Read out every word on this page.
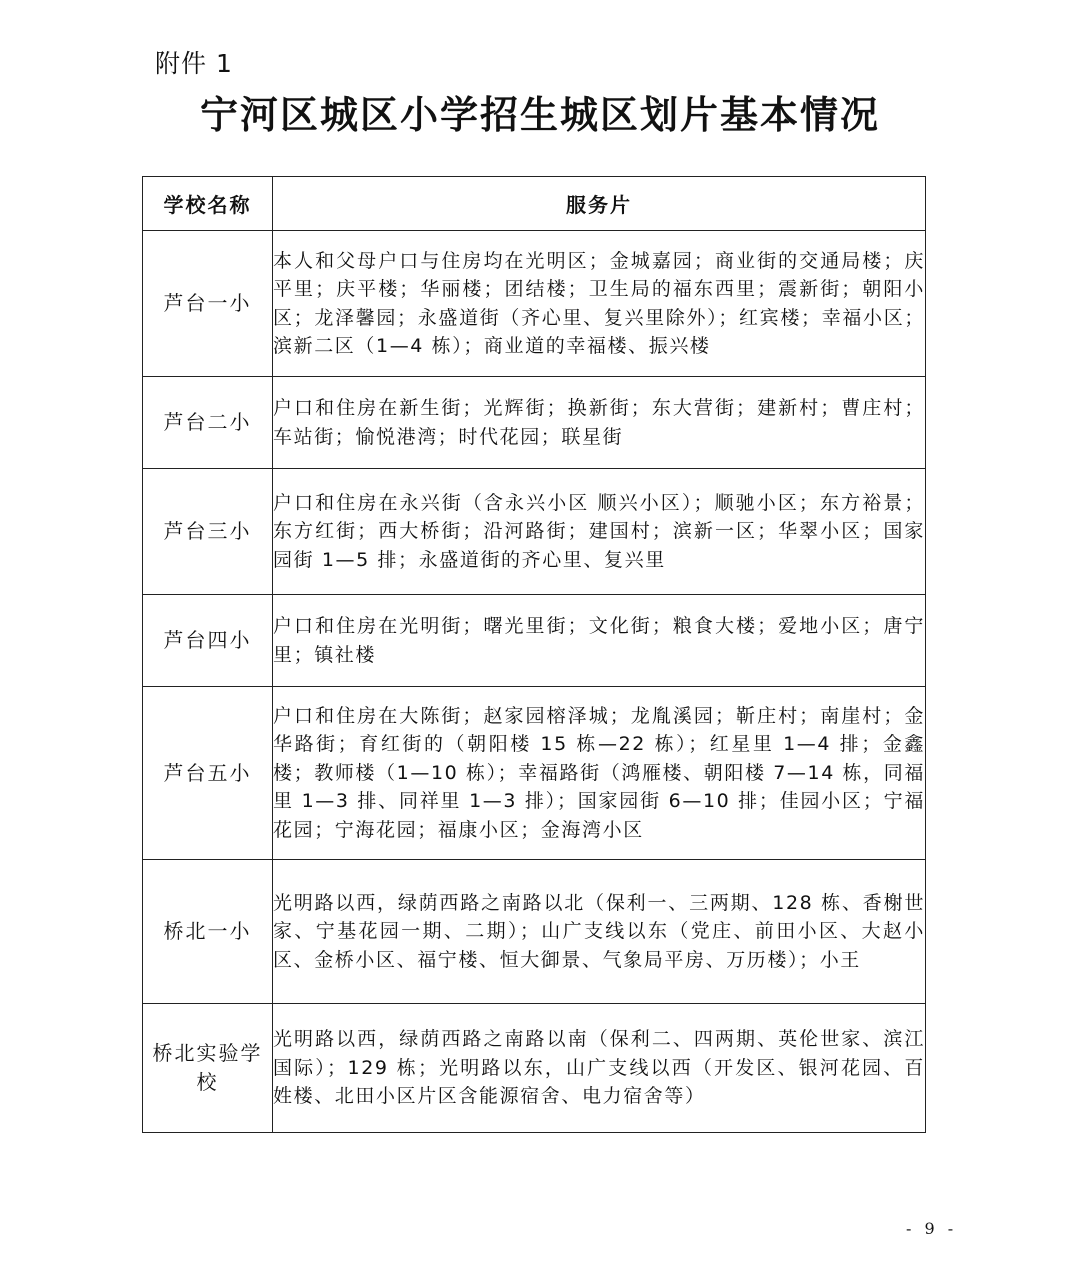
附件 1
宁河区城区小学招生城区划片基本情况
学校名称	服务片
芦台一小	本人和父母户口与住房均在光明区；金城嘉园；商业街的交通局楼；庆平里；庆平楼；华丽楼；团结楼；卫生局的福东西里；震新街；朝阳小区；龙泽馨园；永盛道街（齐心里、复兴里除外）；红宾楼；幸福小区；滨新二区（1—4 栋）；商业道的幸福楼、振兴楼
芦台二小	户口和住房在新生街；光辉街；换新街；东大营街；建新村；曹庄村；车站街；愉悦港湾；时代花园；联星街
芦台三小	户口和住房在永兴街（含永兴小区 顺兴小区）；顺驰小区；东方裕景；东方红街；西大桥街；沿河路街；建国村；滨新一区；华翠小区；国家园街 1—5 排；永盛道街的齐心里、复兴里
芦台四小	户口和住房在光明街；曙光里街；文化街；粮食大楼；爱地小区；唐宁里；镇社楼
芦台五小	户口和住房在大陈街；赵家园榕泽城；龙胤溪园；靳庄村；南崖村；金华路街；育红街的（朝阳楼 15 栋—22 栋）；红星里 1—4 排；金鑫楼；教师楼（1—10 栋）；幸福路街（鸿雁楼、朝阳楼 7—14 栋，同福里 1—3 排、同祥里 1—3 排）；国家园街 6—10 排；佳园小区；宁福花园；宁海花园；福康小区；金海湾小区
桥北一小	光明路以西，绿荫西路之南路以北（保利一、三两期、128 栋、香榭世家、宁基花园一期、二期）；山广支线以东（党庄、前田小区、大赵小区、金桥小区、福宁楼、恒大御景、气象局平房、万历楼）；小王
桥北实验学校	光明路以西，绿荫西路之南路以南（保利二、四两期、英伦世家、滨江国际）；129 栋；光明路以东，山广支线以西（开发区、银河花园、百姓楼、北田小区片区含能源宿舍、电力宿舍等）
- 9 -
